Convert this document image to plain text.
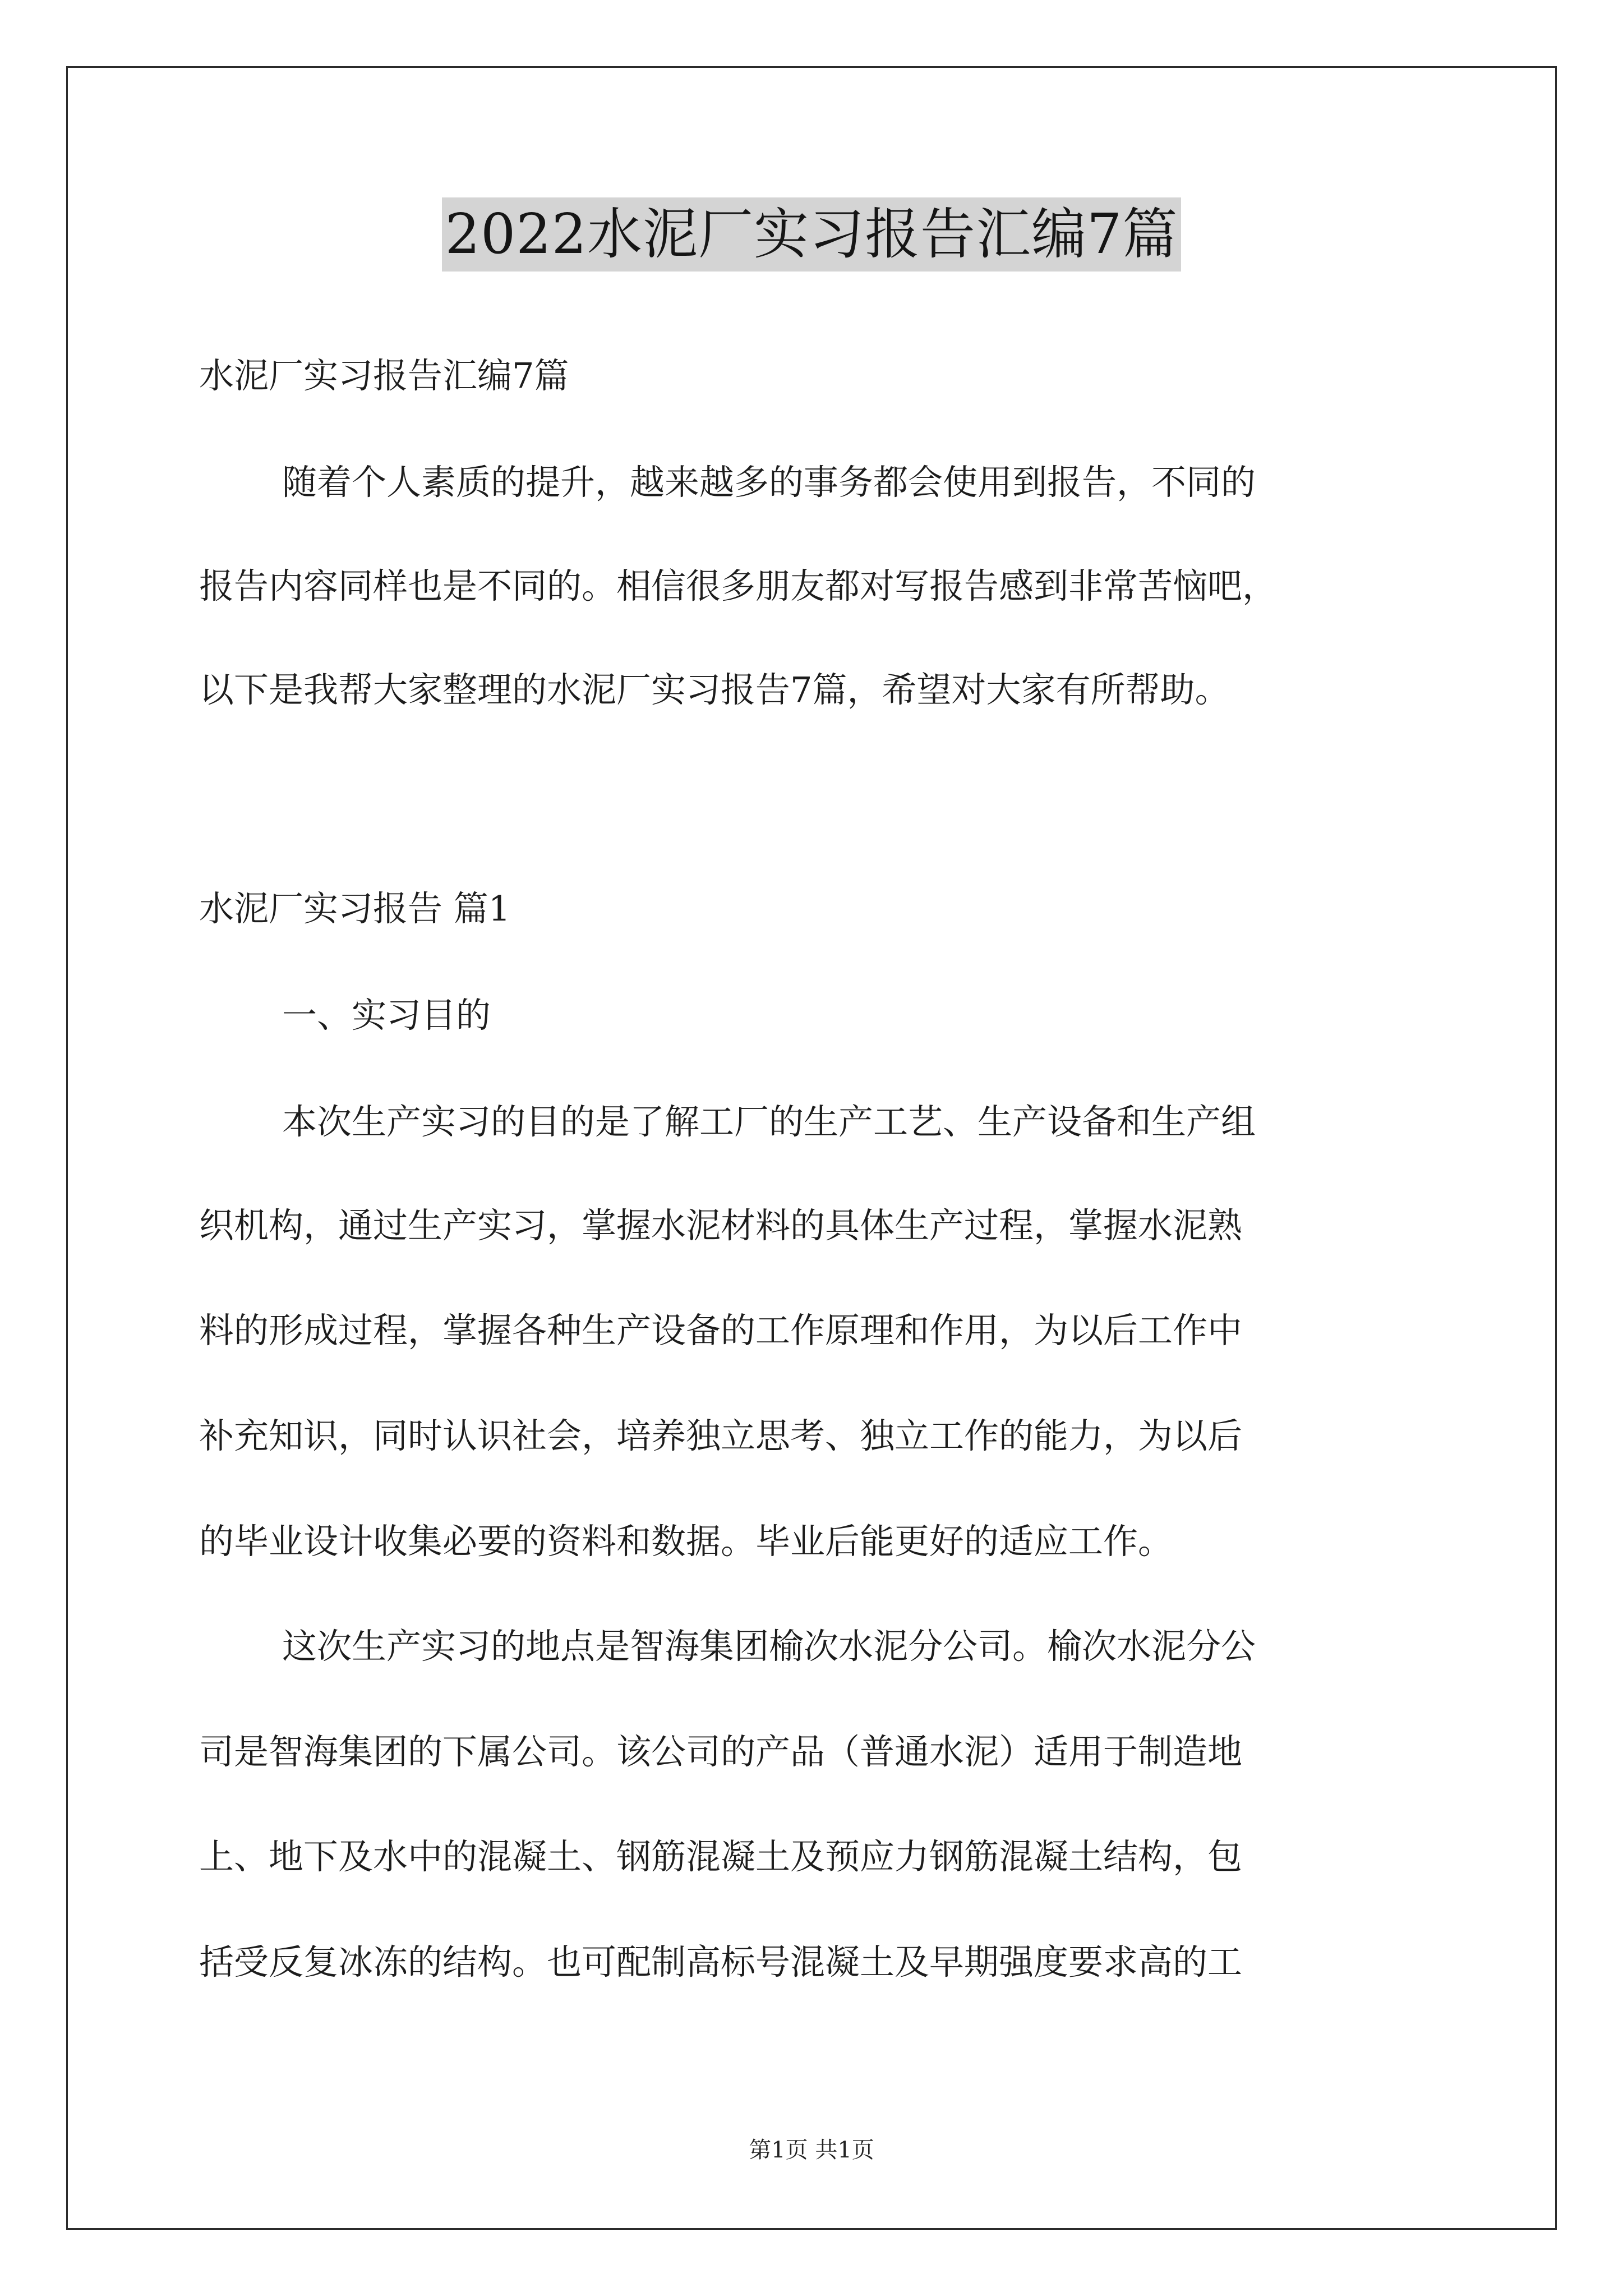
2022水泥厂实习报告汇编7篇
水泥厂实习报告汇编7篇
随着个人素质的提升，越来越多的事务都会使用到报告，不同的
报告内容同样也是不同的。相信很多朋友都对写报告感到非常苦恼吧，
以下是我帮大家整理的水泥厂实习报告7篇，希望对大家有所帮助。
水泥厂实习报告 篇1
一、实习目的
本次生产实习的目的是了解工厂的生产工艺、生产设备和生产组
织机构，通过生产实习，掌握水泥材料的具体生产过程，掌握水泥熟
料的形成过程，掌握各种生产设备的工作原理和作用，为以后工作中
补充知识，同时认识社会，培养独立思考、独立工作的能力，为以后
的毕业设计收集必要的资料和数据。毕业后能更好的适应工作。
这次生产实习的地点是智海集团榆次水泥分公司。榆次水泥分公
司是智海集团的下属公司。该公司的产品（普通水泥）适用于制造地
上、地下及水中的混凝土、钢筋混凝土及预应力钢筋混凝土结构，包
括受反复冰冻的结构。也可配制高标号混凝土及早期强度要求高的工
第1页 共1页
